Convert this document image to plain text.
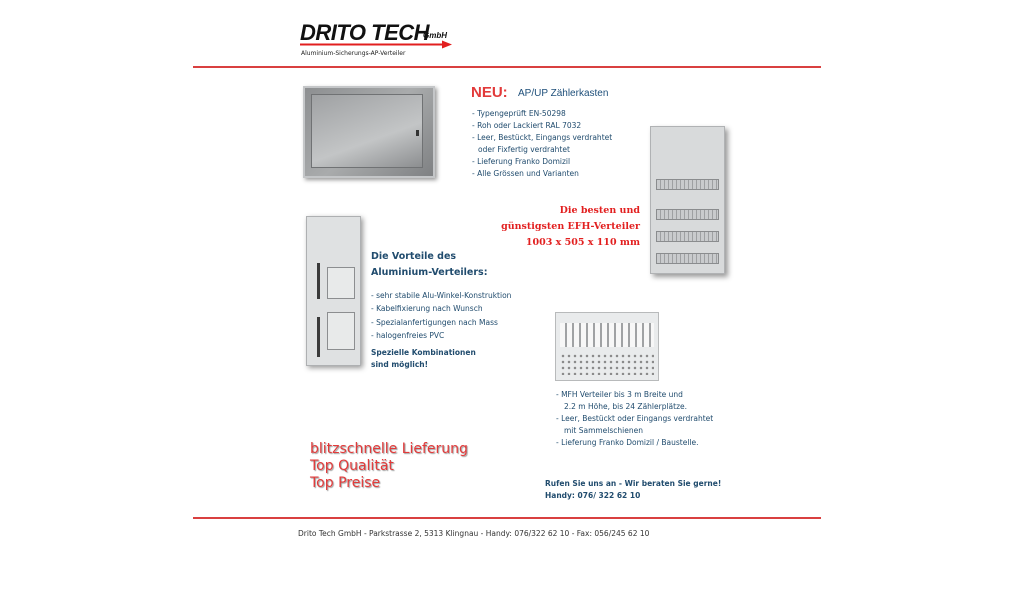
DRITO TECH
GmbH
Aluminium-Sicherungs-AP-Verteiler
NEU: AP/UP Zählerkasten
- Typengeprüft EN-50298
- Roh oder Lackiert RAL 7032
- Leer, Bestückt, Eingangs verdrahtet
oder Fixfertig verdrahtet
- Lieferung Franko Domizil
- Alle Grössen und Varianten
Die besten und
günstigsten EFH-Verteiler
1003 x 505 x 110 mm
Die Vorteile des
Aluminium-Verteilers:
- sehr stabile Alu-Winkel-Konstruktion
- Kabelfixierung nach Wunsch
- Spezialanfertigungen nach Mass
- halogenfreies PVC
Spezielle Kombinationen
sind möglich!
- MFH Verteiler bis 3 m Breite und
2.2 m Höhe, bis 24 Zählerplätze.
- Leer, Bestückt oder Eingangs verdrahtet
mit Sammelschienen
- Lieferung Franko Domizil / Baustelle.
blitzschnelle Lieferung
Top Qualität
Top Preise	Rufen Sie uns an - Wir beraten Sie gerne!
Handy: 076/ 322 62 10
Drito Tech GmbH - Parkstrasse 2, 5313 Klingnau - Handy: 076/322 62 10 - Fax: 056/245 62 10
